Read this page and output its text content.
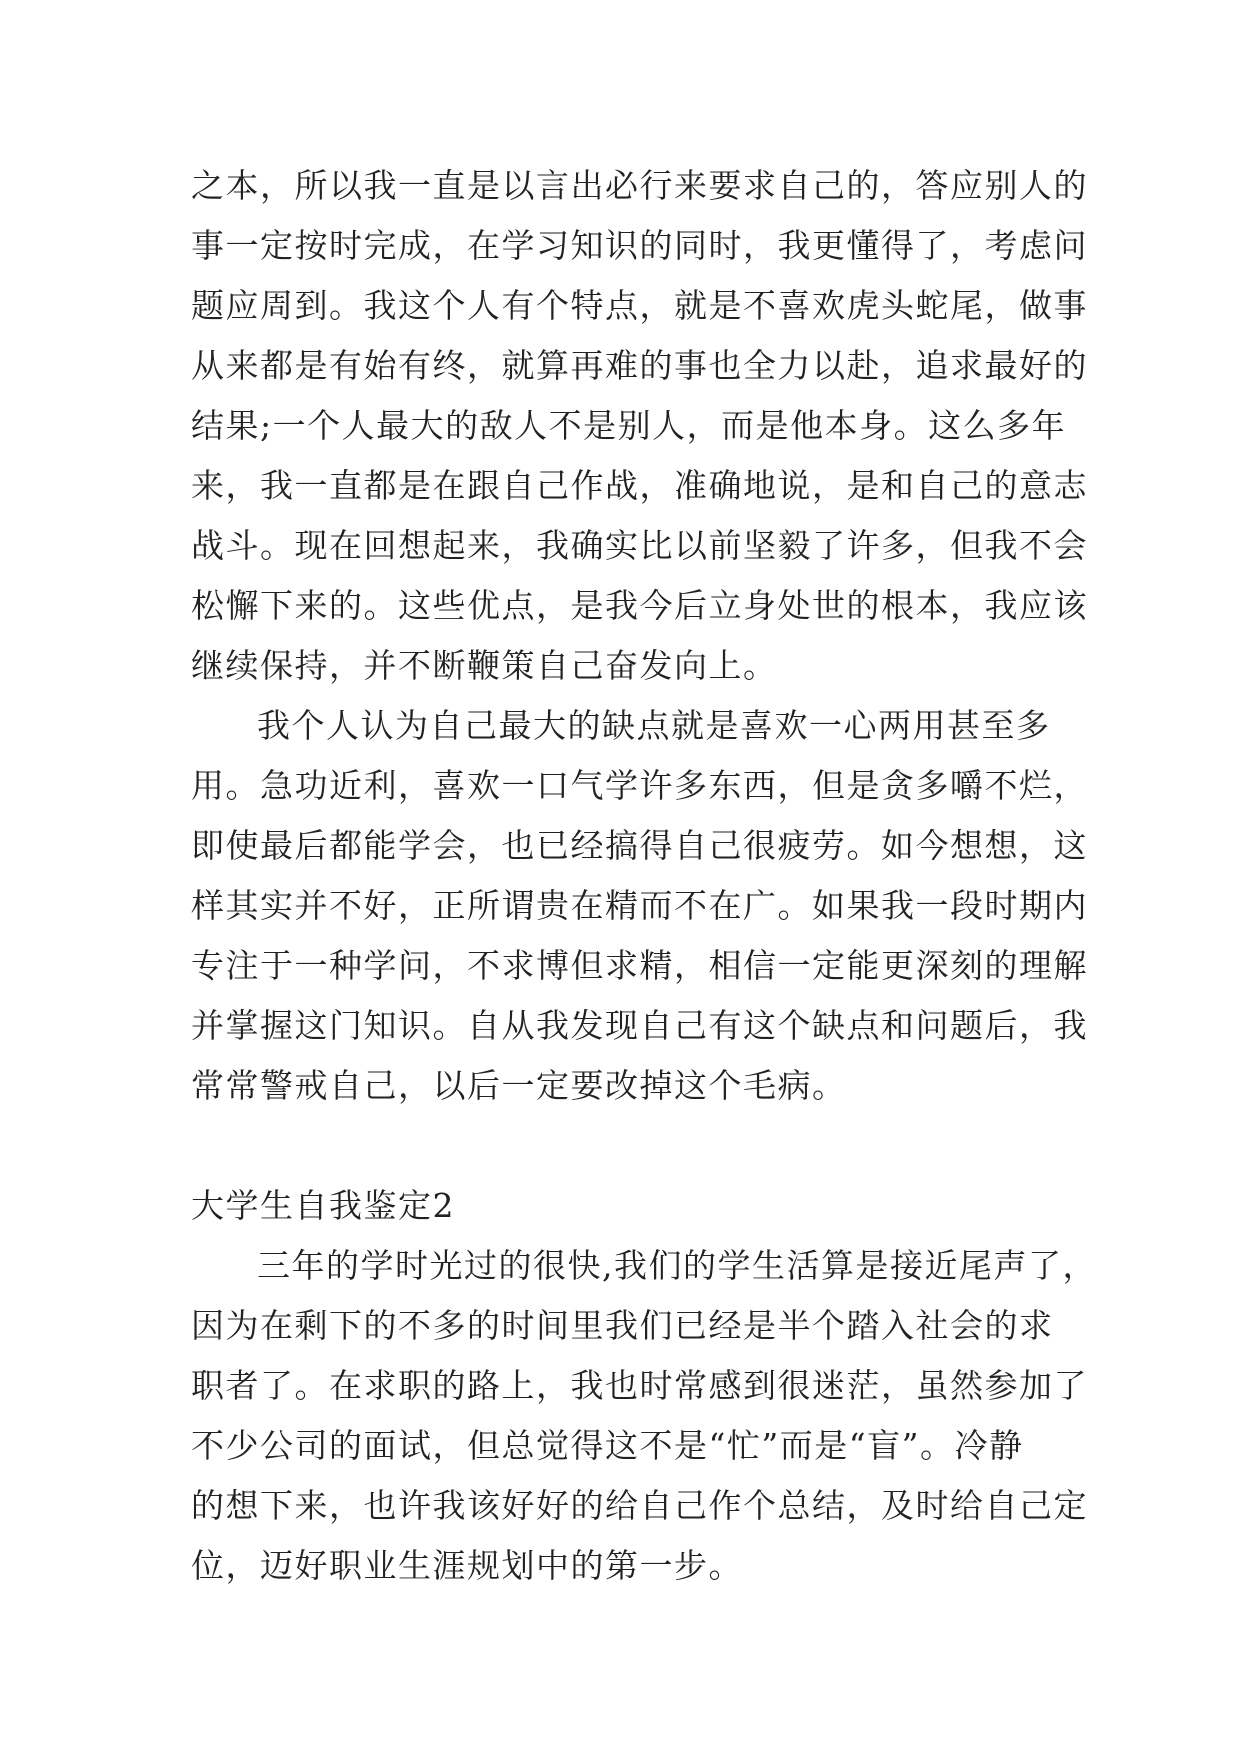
之本，所以我一直是以言出必行来要求自己的，答应别人的
事一定按时完成，在学习知识的同时，我更懂得了，考虑问
题应周到。我这个人有个特点，就是不喜欢虎头蛇尾，做事
从来都是有始有终，就算再难的事也全力以赴，追求最好的
结果;一个人最大的敌人不是别人，而是他本身。这么多年
来，我一直都是在跟自己作战，准确地说，是和自己的意志
战斗。现在回想起来，我确实比以前坚毅了许多，但我不会
松懈下来的。这些优点，是我今后立身处世的根本，我应该
继续保持，并不断鞭策自己奋发向上。
我个人认为自己最大的缺点就是喜欢一心两用甚至多
用。急功近利，喜欢一口气学许多东西，但是贪多嚼不烂，
即使最后都能学会，也已经搞得自己很疲劳。如今想想，这
样其实并不好，正所谓贵在精而不在广。如果我一段时期内
专注于一种学问，不求博但求精，相信一定能更深刻的理解
并掌握这门知识。自从我发现自己有这个缺点和问题后，我
常常警戒自己，以后一定要改掉这个毛病。
大学生自我鉴定2
三年的学时光过的很快,我们的学生活算是接近尾声了，
因为在剩下的不多的时间里我们已经是半个踏入社会的求
职者了。在求职的路上，我也时常感到很迷茫，虽然参加了
不少公司的面试，但总觉得这不是“忙”而是“盲”。冷静
的想下来，也许我该好好的给自己作个总结，及时给自己定
位，迈好职业生涯规划中的第一步。
